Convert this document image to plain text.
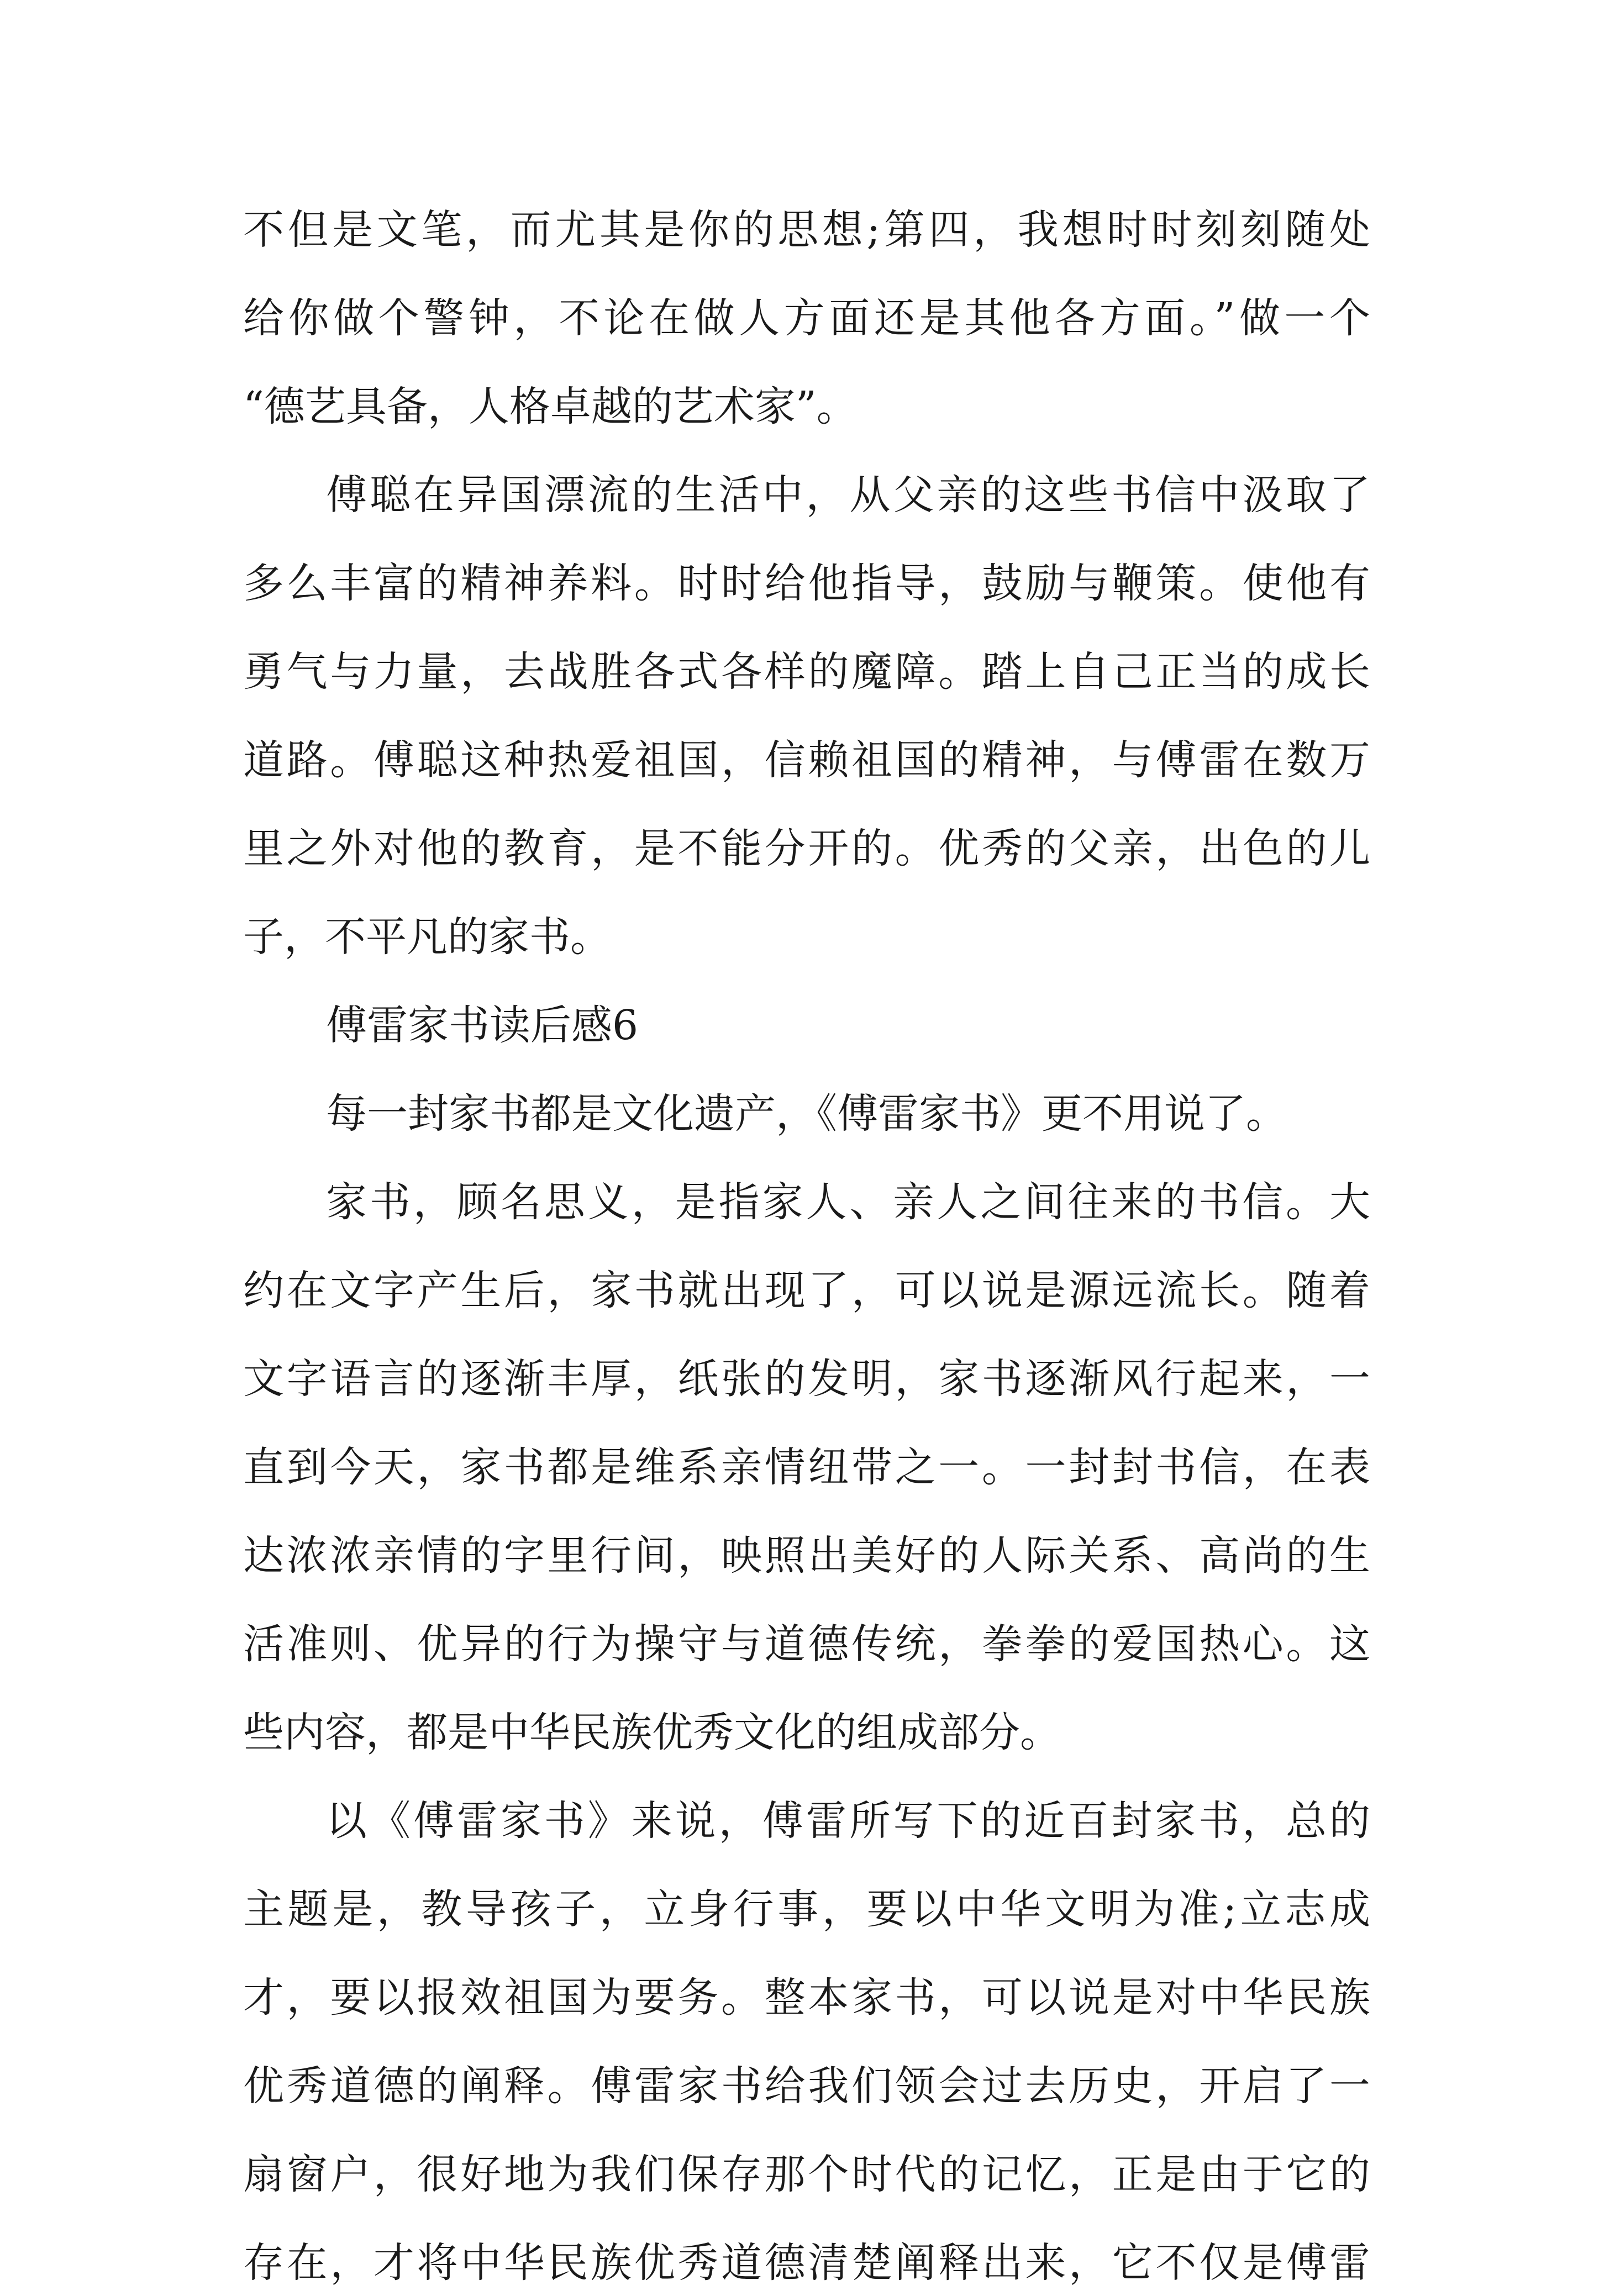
不但是文笔，而尤其是你的思想;第四，我想时时刻刻随处

给你做个警钟，不论在做人方面还是其他各方面。”做一个

“德艺具备，人格卓越的艺术家”。

傅聪在异国漂流的生活中，从父亲的这些书信中汲取了

多么丰富的精神养料。时时给他指导，鼓励与鞭策。使他有

勇气与力量，去战胜各式各样的魔障。踏上自己正当的成长

道路。傅聪这种热爱祖国，信赖祖国的精神，与傅雷在数万

里之外对他的教育，是不能分开的。优秀的父亲，出色的儿

子，不平凡的家书。

傅雷家书读后感6

每一封家书都是文化遗产，《傅雷家书》更不用说了。

家书，顾名思义，是指家人、亲人之间往来的书信。大

约在文字产生后，家书就出现了，可以说是源远流长。随着

文字语言的逐渐丰厚，纸张的发明，家书逐渐风行起来，一

直到今天，家书都是维系亲情纽带之一。一封封书信，在表

达浓浓亲情的字里行间，映照出美好的人际关系、高尚的生

活准则、优异的行为操守与道德传统，拳拳的爱国热心。这

些内容，都是中华民族优秀文化的组成部分。

以《傅雷家书》来说，傅雷所写下的近百封家书，总的

主题是，教导孩子，立身行事，要以中华文明为准;立志成

才，要以报效祖国为要务。整本家书，可以说是对中华民族

优秀道德的阐释。傅雷家书给我们领会过去历史，开启了一

扇窗户，很好地为我们保存那个时代的记忆，正是由于它的

存在，才将中华民族优秀道德清楚阐释出来，它不仅是傅雷
